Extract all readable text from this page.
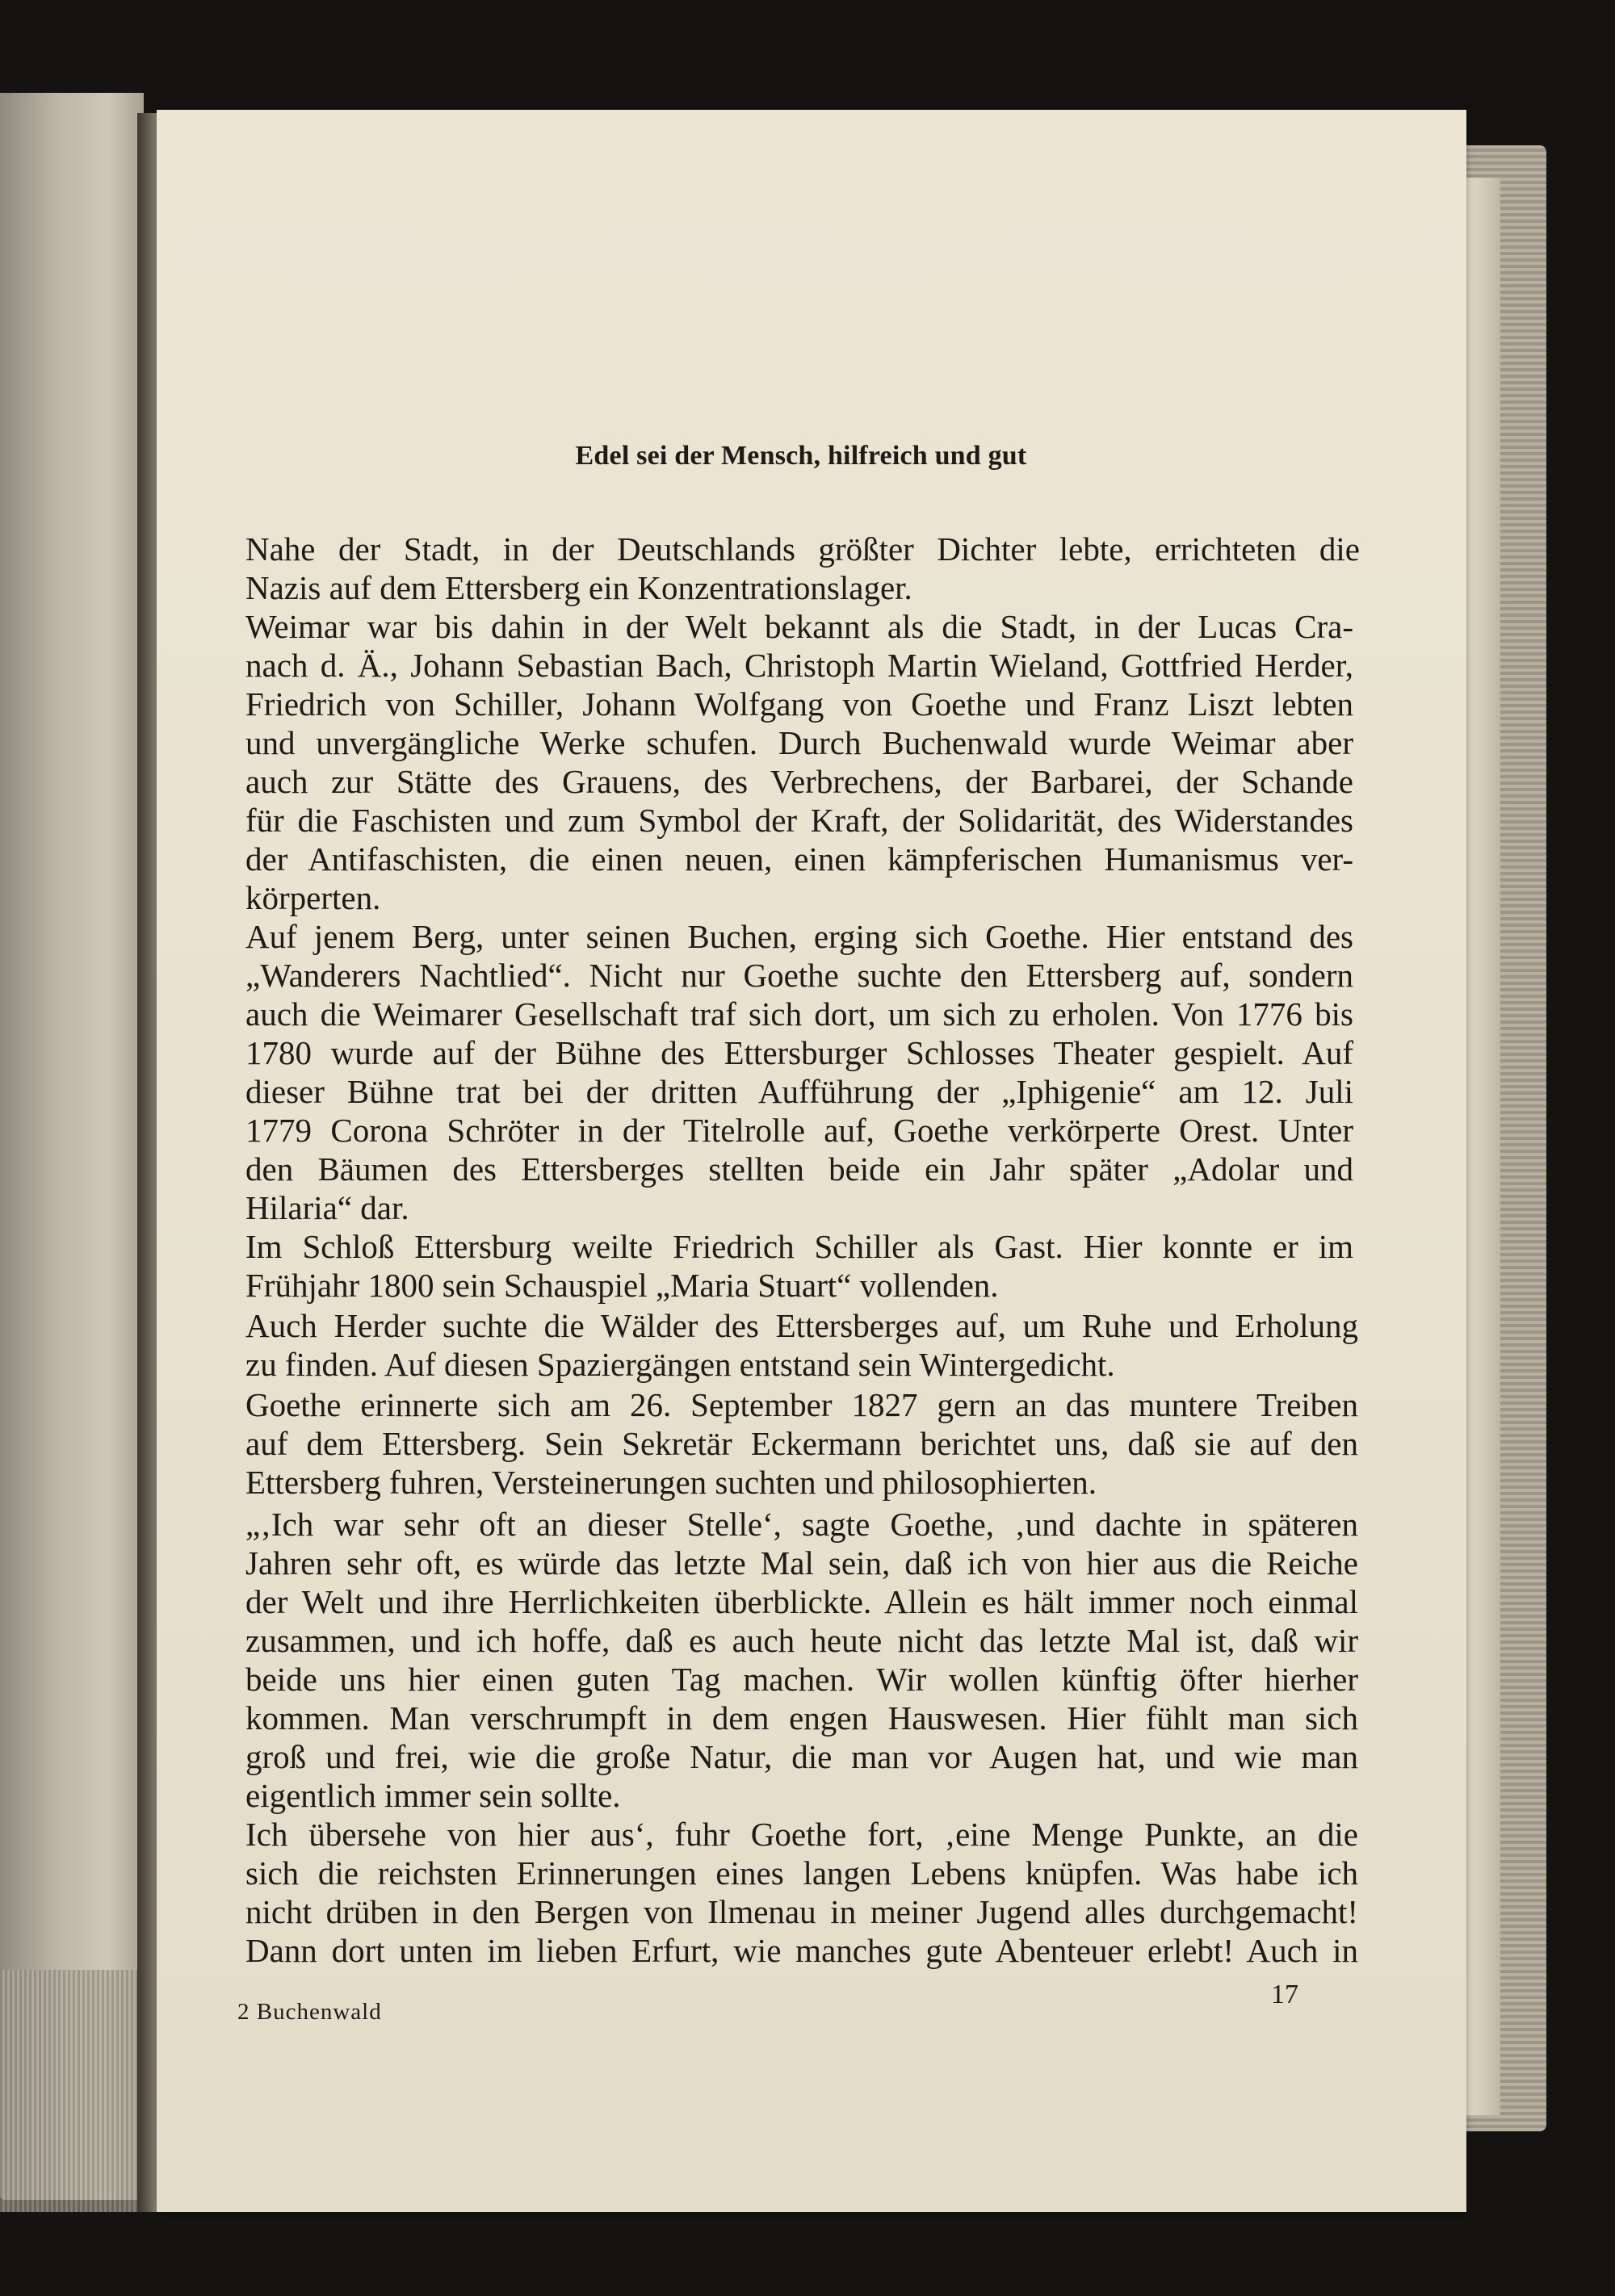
Edel sei der Mensch, hilfreich und gut
Nahe der Stadt, in der Deutschlands größter Dichter lebte, errichteten die
Nazis auf dem Ettersberg ein Konzentrationslager.
Weimar war bis dahin in der Welt bekannt als die Stadt, in der Lucas Cra-
nach d. Ä., Johann Sebastian Bach, Christoph Martin Wieland, Gottfried Herder,
Friedrich von Schiller, Johann Wolfgang von Goethe und Franz Liszt lebten
und unvergängliche Werke schufen. Durch Buchenwald wurde Weimar aber
auch zur Stätte des Grauens, des Verbrechens, der Barbarei, der Schande
für die Faschisten und zum Symbol der Kraft, der Solidarität, des Widerstandes
der Antifaschisten, die einen neuen, einen kämpferischen Humanismus ver-
körperten.
Auf jenem Berg, unter seinen Buchen, erging sich Goethe. Hier entstand des
„Wanderers Nachtlied“. Nicht nur Goethe suchte den Ettersberg auf, sondern
auch die Weimarer Gesellschaft traf sich dort, um sich zu erholen. Von 1776 bis
1780 wurde auf der Bühne des Ettersburger Schlosses Theater gespielt. Auf
dieser Bühne trat bei der dritten Aufführung der „Iphigenie“ am 12. Juli
1779 Corona Schröter in der Titelrolle auf, Goethe verkörperte Orest. Unter
den Bäumen des Ettersberges stellten beide ein Jahr später „Adolar und
Hilaria“ dar.
Im Schloß Ettersburg weilte Friedrich Schiller als Gast. Hier konnte er im
Frühjahr 1800 sein Schauspiel „Maria Stuart“ vollenden.
Auch Herder suchte die Wälder des Ettersberges auf, um Ruhe und Erholung
zu finden. Auf diesen Spaziergängen entstand sein Wintergedicht.
Goethe erinnerte sich am 26. September 1827 gern an das muntere Treiben
auf dem Ettersberg. Sein Sekretär Eckermann berichtet uns, daß sie auf den
Ettersberg fuhren, Versteinerungen suchten und philosophierten.
„‚Ich war sehr oft an dieser Stelle‘, sagte Goethe, ‚und dachte in späteren
Jahren sehr oft, es würde das letzte Mal sein, daß ich von hier aus die Reiche
der Welt und ihre Herrlichkeiten überblickte. Allein es hält immer noch einmal
zusammen, und ich hoffe, daß es auch heute nicht das letzte Mal ist, daß wir
beide uns hier einen guten Tag machen. Wir wollen künftig öfter hierher
kommen. Man verschrumpft in dem engen Hauswesen. Hier fühlt man sich
groß und frei, wie die große Natur, die man vor Augen hat, und wie man
eigentlich immer sein sollte.
Ich übersehe von hier aus‘, fuhr Goethe fort, ‚eine Menge Punkte, an die
sich die reichsten Erinnerungen eines langen Lebens knüpfen. Was habe ich
nicht drüben in den Bergen von Ilmenau in meiner Jugend alles durchgemacht!
Dann dort unten im lieben Erfurt, wie manches gute Abenteuer erlebt! Auch in
2 Buchenwald
17
